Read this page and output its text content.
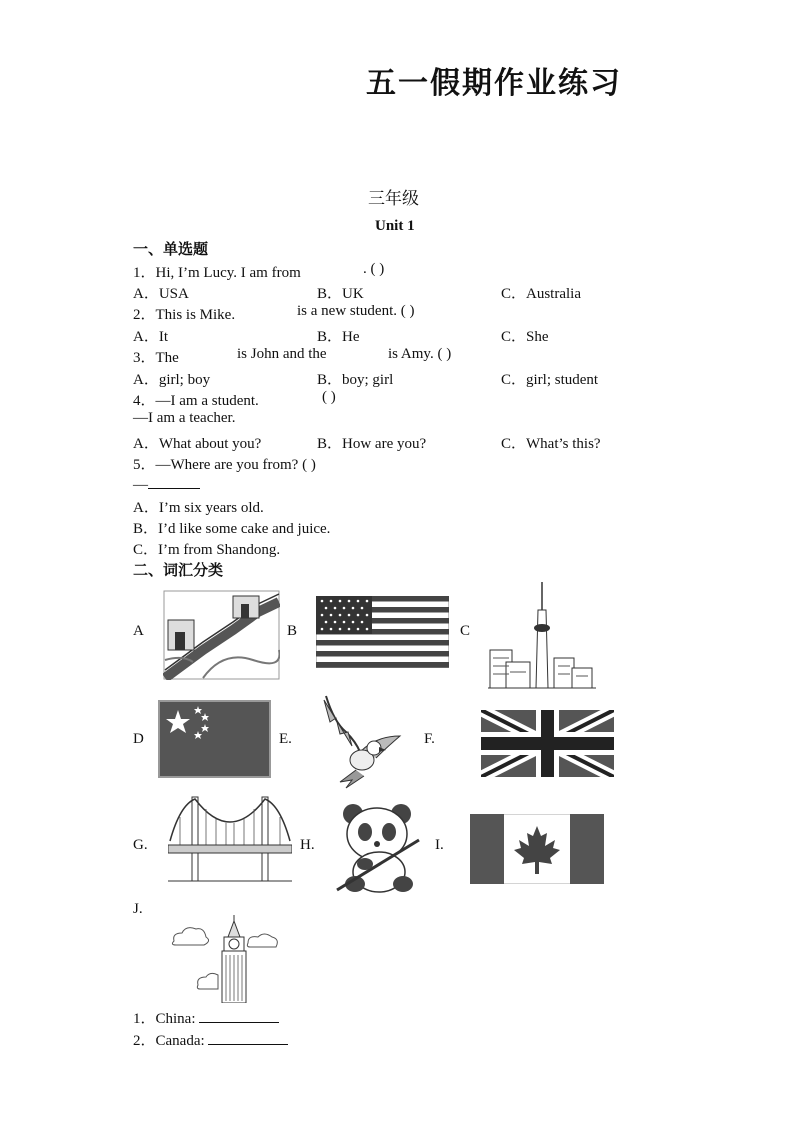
五一假期作业练习
三年级
Unit 1
一、单选题
1．Hi, I’m Lucy. I am from	. ( )
A．USA	B．UK	C．Australia
2．This is Mike.	is a new student. ( )
A．It	B．He	C．She
3．The	is John and the	is Amy. ( )
A．girl; boy	B．boy; girl	C．girl; student
4．—I am a student.	( )
—I am a teacher.
A．What about you?	B．How are you?	C．What’s this?
5．—Where are you from? ( )
—
A．I’m six years old.
B．I’d like some cake and juice.
C．I’m from Shandong.
二、词汇分类
A	B	C
D	E.	F.
G.	H.	I.
J.
1．China:
2．Canada:
